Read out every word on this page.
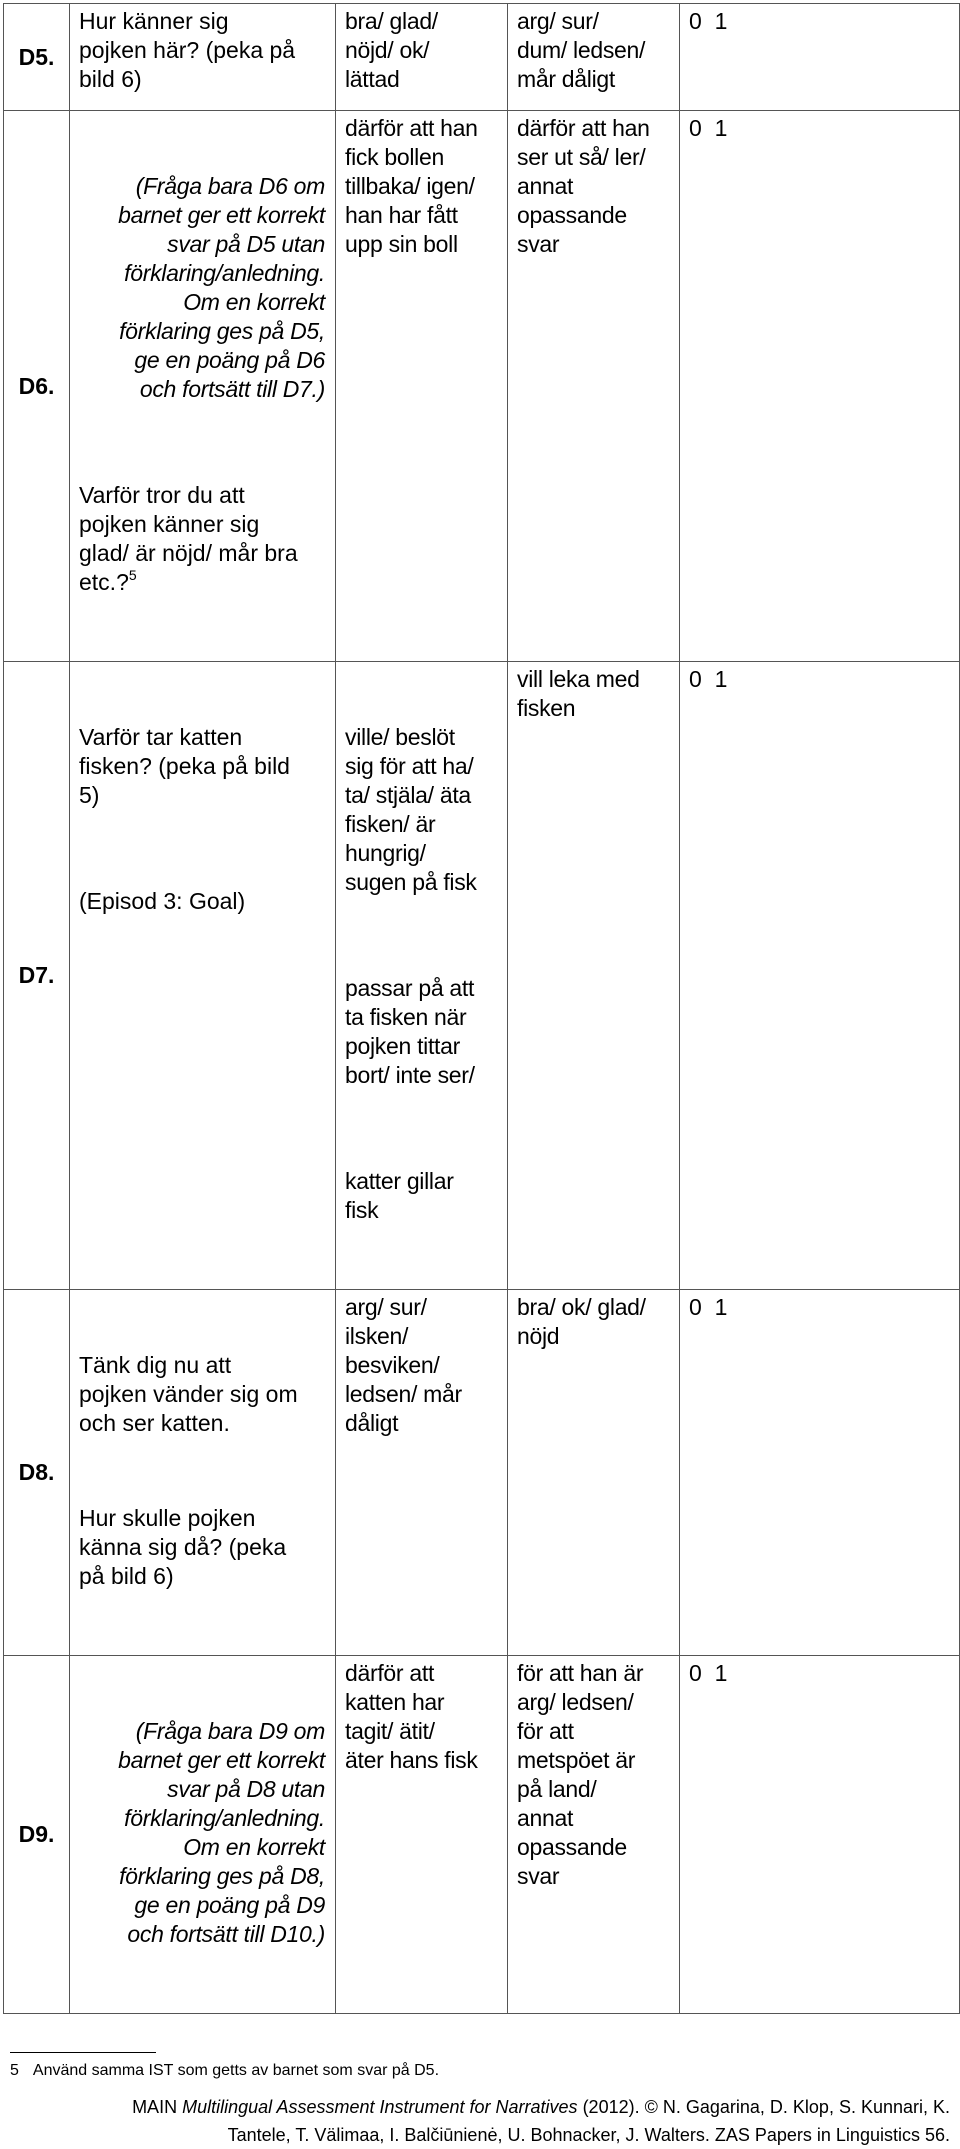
D5.
Hur känner sig
pojken här? (peka på
bild 6)
bra/ glad/
nöjd/ ok/
lättad
arg/ sur/
dum/ ledsen/
mår dåligt
0  1
D6.

(Fråga bara D6 om
barnet ger ett korrekt
svar på D5 utan
förklaring/anledning.
Om en korrekt
förklaring ges på D5,
ge en poäng på D6
och fortsätt till D7.)

Varför tror du att
pojken känner sig
glad/ är nöjd/ mår bra
etc.?$^5$

därför att han
fick bollen
tillbaka/ igen/
han har fått
upp sin boll
därför att han
ser ut så/ ler/
annat
opassande
svar
0  1
D7.

Varför tar katten
fisken? (peka på bild
5)

(Episod 3: Goal)

ville/ beslöt
sig för att ha/
ta/ stjäla/ äta
fisken/ är
hungrig/
sugen på fisk

passar på att
ta fisken när
pojken tittar
bort/ inte ser/

katter gillar
fisk

vill leka med
fisken
0  1
D8.

Tänk dig nu att
pojken vänder sig om
och ser katten.

Hur skulle pojken
känna sig då? (peka
på bild 6)

arg/ sur/
ilsken/
besviken/
ledsen/ mår
dåligt
bra/ ok/ glad/
nöjd
0  1
D9.

(Fråga bara D9 om
barnet ger ett korrekt
svar på D8 utan
förklaring/anledning.
Om en korrekt
förklaring ges på D8,
ge en poäng på D9
och fortsätt till D10.)

därför att
katten har
tagit/ ätit/
äter hans fisk
för att han är
arg/ ledsen/
för att
metspöet är
på land/
annat
opassande
svar
0  1
5 Använd samma IST som getts av barnet som svar på D5.
MAIN Multilingual Assessment Instrument for Narratives (2012). © N. Gagarina, D. Klop, S. Kunnari, K.
Tantele, T. Välimaa, I. Balčiūnienė, U. Bohnacker, J. Walters. ZAS Papers in Linguistics 56.
